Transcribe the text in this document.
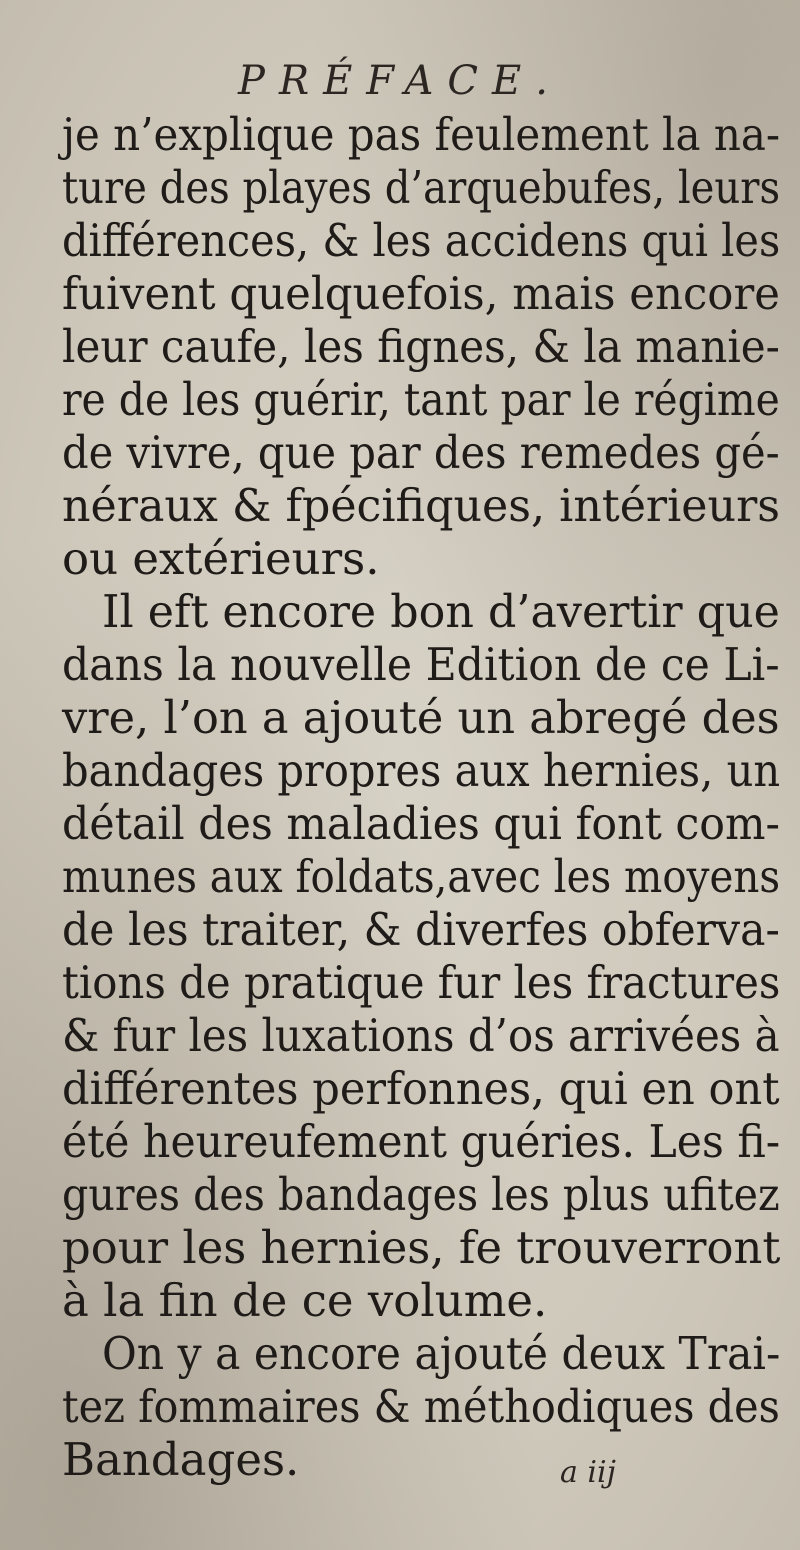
PRÉFACE.
je n’explique pas feulement la na-
ture des playes d’arquebufes, leurs
différences, & les accidens qui les
fuivent quelquefois, mais encore
leur caufe, les fignes, & la manie-
re de les guérir, tant par le régime
de vivre, que par des remedes gé-
néraux & fpécifiques, intérieurs
ou extérieurs.
Il eft encore bon d’avertir que
dans la nouvelle Edition de ce Li-
vre, l’on a ajouté un abregé des
bandages propres aux hernies, un
détail des maladies qui font com-
munes aux foldats,avec les moyens
de les traiter, & diverfes obferva-
tions de pratique fur les fractures
& fur les luxations d’os arrivées à
différentes perfonnes, qui en ont
été heureufement guéries. Les fi-
gures des bandages les plus ufitez
pour les hernies, fe trouverront
à la fin de ce volume.
On y a encore ajouté deux Trai-
tez fommaires & méthodiques des
Bandages.	a iij
